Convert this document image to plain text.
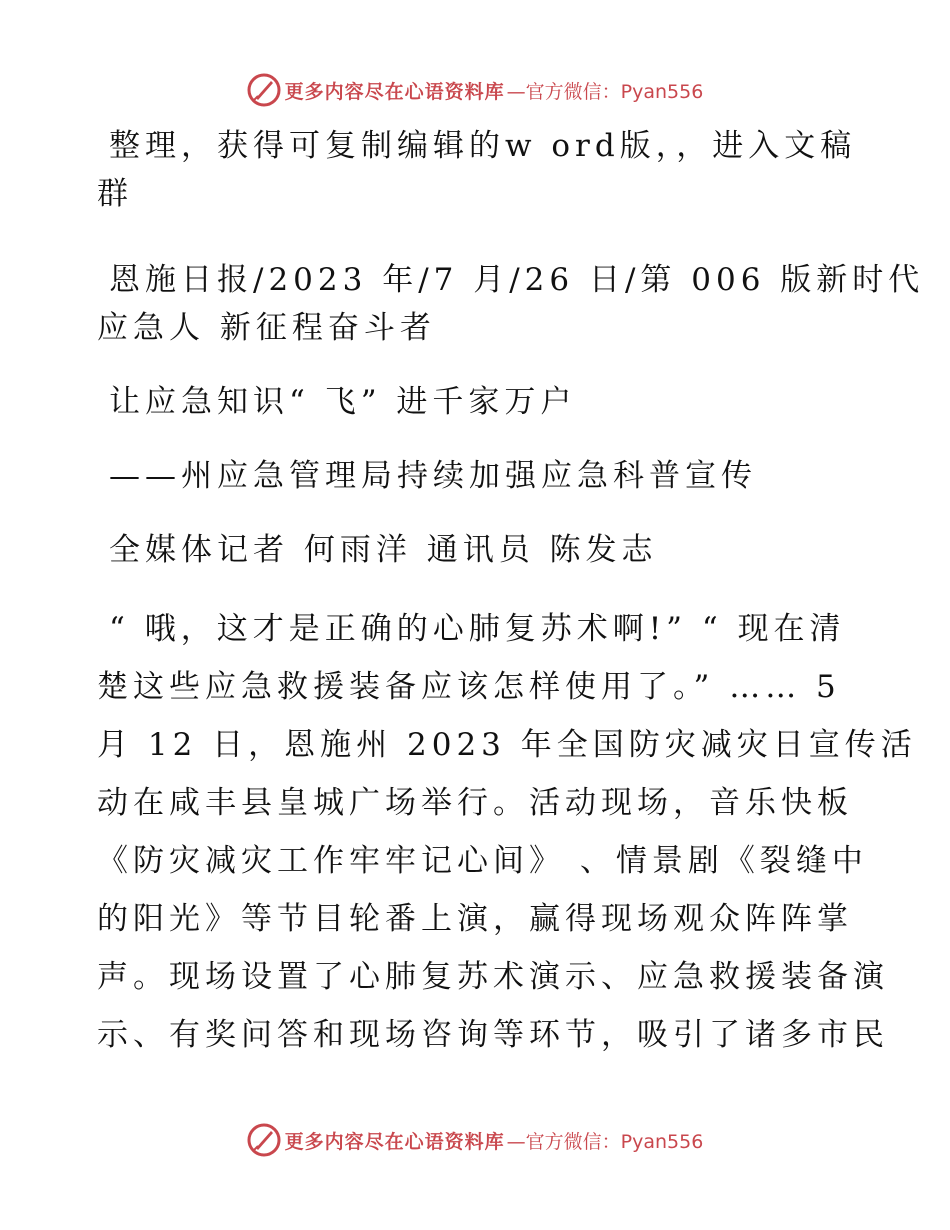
更多内容尽在心语资料库 —官方微信：Pyan556

整理，获得可复制编辑的w ord版，，进入文稿
群

恩施日报/2023 年/7 月/26 日/第 006 版新时代
应急人 新征程奋斗者

让应急知识“ 飞” 进千家万户

——州应急管理局持续加强应急科普宣传

全媒体记者 何雨洋 通讯员 陈发志

“ 哦，这才是正确的心肺复苏术啊!” “ 现在清
楚这些应急救援装备应该怎样使用了。” …… 5
月 12 日，恩施州 2023 年全国防灾减灾日宣传活
动在咸丰县皇城广场举行。活动现场，音乐快板
《防灾减灾工作牢牢记心间》 、情景剧《裂缝中
的阳光》等节目轮番上演，赢得现场观众阵阵掌
声。现场设置了心肺复苏术演示、应急救援装备演
示、有奖问答和现场咨询等环节，吸引了诸多市民

更多内容尽在心语资料库 —官方微信：Pyan556
